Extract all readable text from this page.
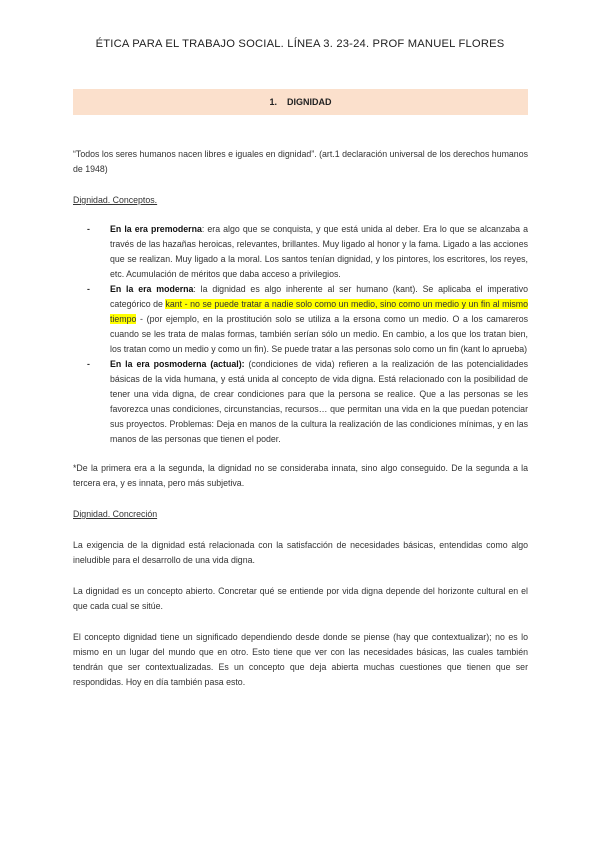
ÉTICA PARA EL TRABAJO SOCIAL. LÍNEA 3. 23-24. PROF MANUEL FLORES
1. DIGNIDAD

“Todos los seres humanos nacen libres e iguales en dignidad”. (art.1 declaración universal de los derechos humanos de 1948)

Dignidad. Conceptos.

- En la era premoderna: era algo que se conquista, y que está unida al deber. Era lo que se alcanzaba a través de las hazañas heroicas, relevantes, brillantes. Muy ligado al honor y la fama. Ligado a las acciones que se realizan. Muy ligado a la moral. Los santos tenían dignidad, y los pintores, los escritores, los reyes, etc. Acumulación de méritos que daba acceso a privilegios.
- En la era moderna: la dignidad es algo inherente al ser humano (kant). Se aplicaba el imperativo categórico de kant - no se puede tratar a nadie solo como un medio, sino como un medio y un fin al mismo tiempo - (por ejemplo, en la prostitución solo se utiliza a la ersona como un medio. O a los camareros cuando se les trata de malas formas, también serían sólo un medio. En cambio, a los que los tratan bien, los tratan como un medio y como un fin). Se puede tratar a las personas solo como un fin (kant lo aprueba)
- En la era posmoderna (actual): (condiciones de vida) refieren a la realización de las potencialidades básicas de la vida humana, y está unida al concepto de vida digna. Está relacionado con la posibilidad de tener una vida digna, de crear condiciones para que la persona se realice. Que a las personas se les favorezca unas condiciones, circunstancias, recursos… que permitan una vida en la que puedan potenciar sus proyectos. Problemas: Deja en manos de la cultura la realización de las condiciones mínimas, y en las manos de las personas que tienen el poder.

*De la primera era a la segunda, la dignidad no se consideraba innata, sino algo conseguido. De la segunda a la tercera era, y es innata, pero más subjetiva.

Dignidad. Concreción

La exigencia de la dignidad está relacionada con la satisfacción de necesidades básicas, entendidas como algo ineludible para el desarrollo de una vida digna.

La dignidad es un concepto abierto. Concretar qué se entiende por vida digna depende del horizonte cultural en el que cada cual se sitúe.

El concepto dignidad tiene un significado dependiendo desde donde se piense (hay que contextualizar); no es lo mismo en un lugar del mundo que en otro. Esto tiene que ver con las necesidades básicas, las cuales también tendrán que ser contextualizadas. Es un concepto que deja abierta muchas cuestiones que tienen que ser respondidas. Hoy en día también pasa esto.
